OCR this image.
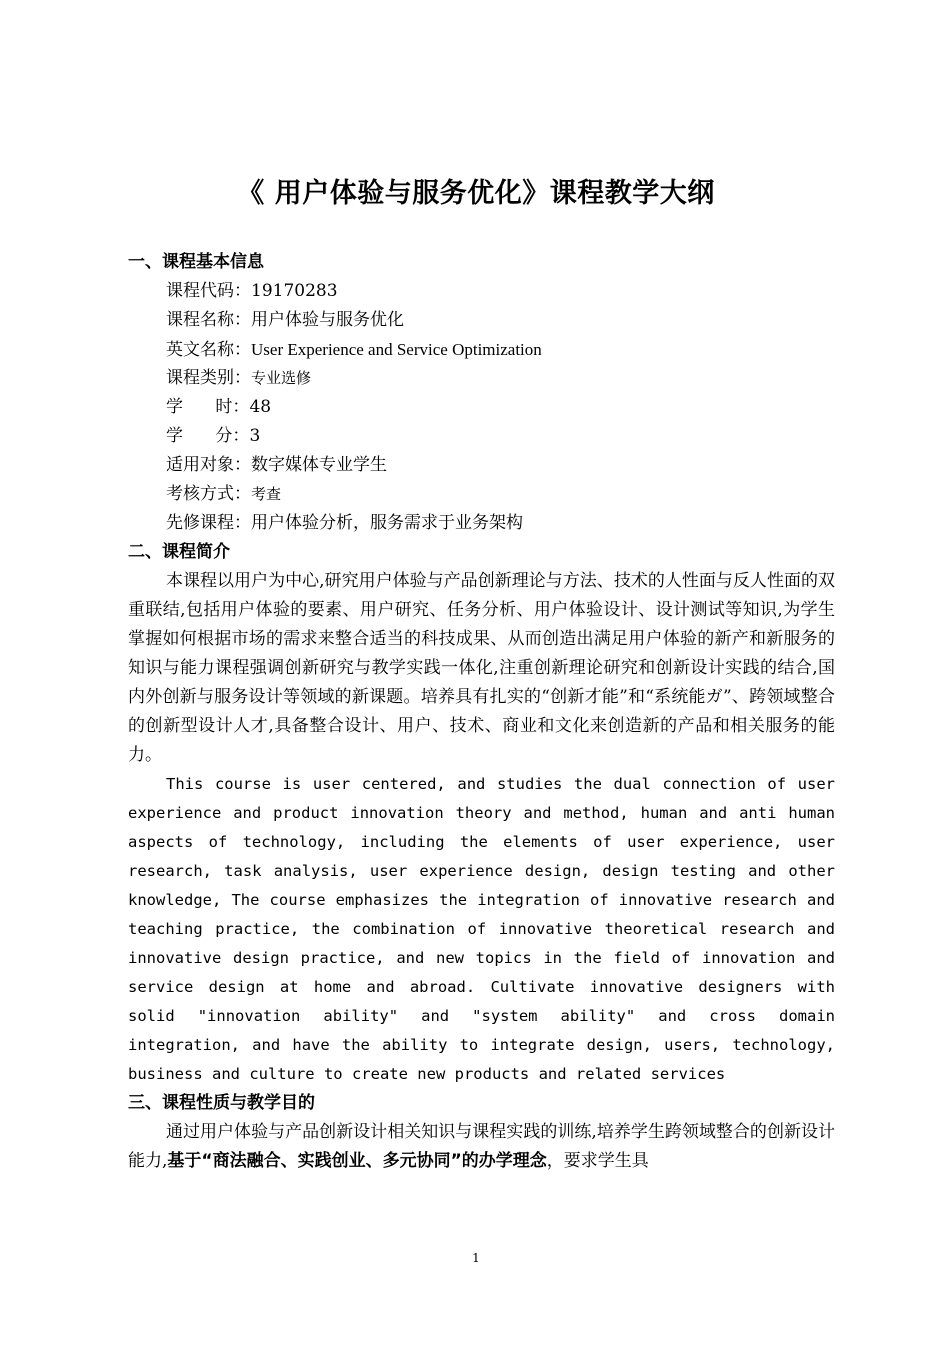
《 用户体验与服务优化》课程教学大纲
一、课程基本信息
课程代码：19170283
课程名称：用户体验与服务优化
英文名称：User Experience and Service Optimization
课程类别：专业选修
学      时：48
学      分：3
适用对象：数字媒体专业学生
考核方式：考查
先修课程：用户体验分析，服务需求于业务架构
二、课程简介

本课程以用户为中心,研究用户体验与产品创新理论与方法、技术的人性面与反人性面的双重联结,包括用户体验的要素、用户研究、任务分析、用户体验设计、设计测试等知识,为学生掌握如何根据市场的需求来整合适当的科技成果、从而创造出满足用户体验的新产和新服务的知识与能力课程强调创新研究与教学实践一体化,注重创新理论研究和创新设计实践的结合,国内外创新与服务设计等领域的新课题。培养具有扎实的“创新才能”和“系统能ガ”、跨领域整合的创新型设计人才,具备整合设计、用户、技术、商业和文化来创造新的产品和相关服务的能力。

This course is user centered, and studies the dual connection of user experience and product innovation theory and method, human and anti human aspects of technology, including the elements of user experience, user research, task analysis, user experience design, design testing and other knowledge, The course emphasizes the integration of innovative research and teaching practice, the combination of innovative theoretical research and innovative design practice, and new topics in the field of innovation and service design at home and abroad. Cultivate innovative designers with solid "innovation ability" and "system ability" and cross domain integration, and have the ability to integrate design, users, technology, business and culture to create new products and related services

三、课程性质与教学目的

通过用户体验与产品创新设计相关知识与课程实践的训练,培养学生跨领域整合的创新设计能力,基于“商法融合、实践创业、多元协同”的办学理念，要求学生具

1
